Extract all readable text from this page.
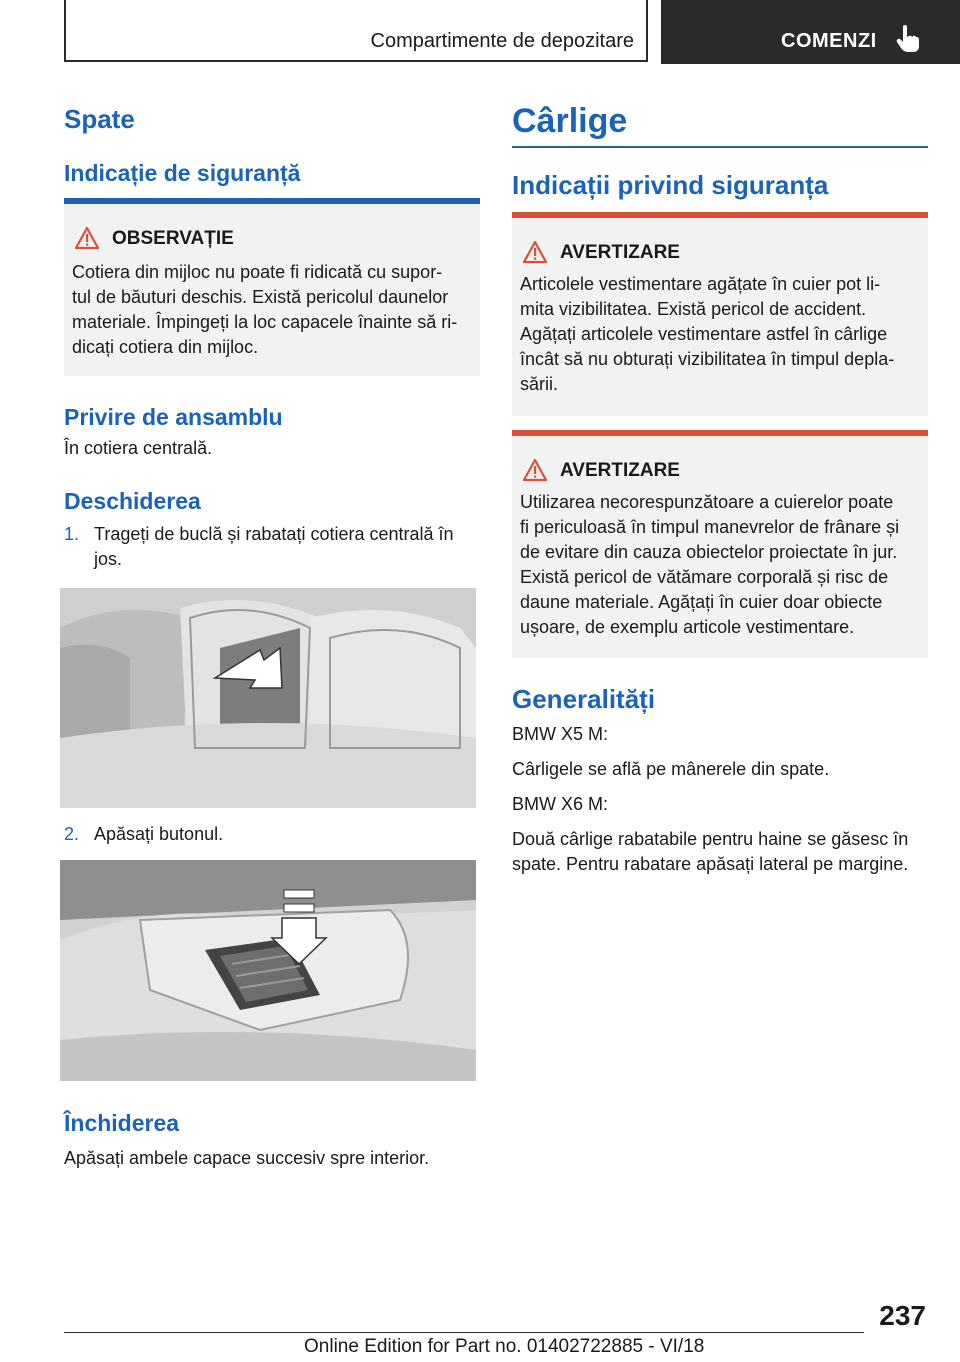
Compartimente de depozitare	COMENZI
Spate
Indicație de siguranță
OBSERVAȚIE
Cotiera din mijloc nu poate fi ridicată cu supor‐
tul de băuturi deschis. Există pericolul daunelor
materiale. Împingeți la loc capacele înainte să ri‐
dicați cotiera din mijloc.
Privire de ansamblu
În cotiera centrală.
Deschiderea
1. Trageți de buclă și rabatați cotiera centrală în
jos.
2. Apăsați butonul.
Închiderea
Apăsați ambele capace succesiv spre interior.
Cârlige
Indicații privind siguranța
AVERTIZARE
Articolele vestimentare agățate în cuier pot li‐
mita vizibilitatea. Există pericol de accident.
Agățați articolele vestimentare astfel în cârlige
încât să nu obturați vizibilitatea în timpul depla‐
sării.
AVERTIZARE
Utilizarea necorespunzătoare a cuierelor poate
fi periculoasă în timpul manevrelor de frânare și
de evitare din cauza obiectelor proiectate în jur.
Există pericol de vătămare corporală și risc de
daune materiale. Agățați în cuier doar obiecte
ușoare, de exemplu articole vestimentare.
Generalități
BMW X5 M:
Cârligele se află pe mânerele din spate.
BMW X6 M:
Două cârlige rabatabile pentru haine se găsesc în
spate. Pentru rabatare apăsați lateral pe margine.
237
Online Edition for Part no. 01402722885 - VI/18
